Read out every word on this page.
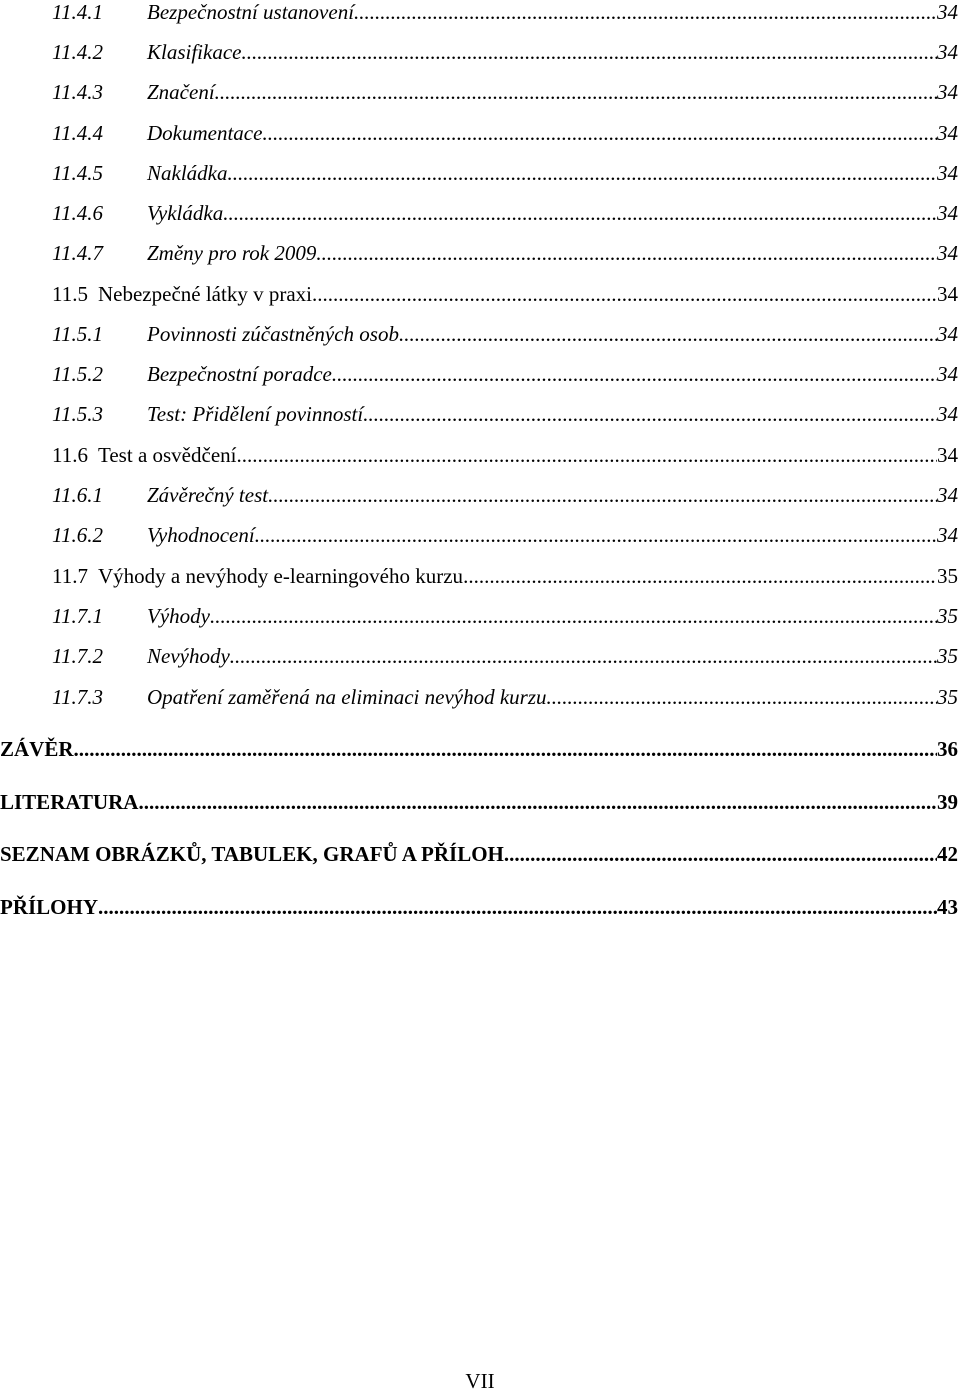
11.4.1	Bezpečnostní ustanovení .....	34
11.4.2	Klasifikace .....	34
11.4.3	Značení .....	34
11.4.4	Dokumentace .....	34
11.4.5	Nakládka .....	34
11.4.6	Vykládka .....	34
11.4.7	Změny pro rok 2009 .....	34
11.5 Nebezpečné látky v praxi .....	34
11.5.1	Povinnosti zúčastněných osob .....	34
11.5.2	Bezpečnostní poradce .....	34
11.5.3	Test: Přidělení povinností .....	34
11.6 Test a osvědčení .....	34
11.6.1	Závěrečný test .....	34
11.6.2	Vyhodnocení .....	34
11.7 Výhody a nevýhody e-learningového kurzu .....	35
11.7.1	Výhody .....	35
11.7.2	Nevýhody .....	35
11.7.3	Opatření zaměřená na eliminaci nevýhod kurzu .....	35
ZÁVĚR .....	36
LITERATURA .....	39
SEZNAM OBRÁZKŮ, TABULEK, GRAFŮ A PŘÍLOH .....	42
PŘÍLOHY .....	43
VII
